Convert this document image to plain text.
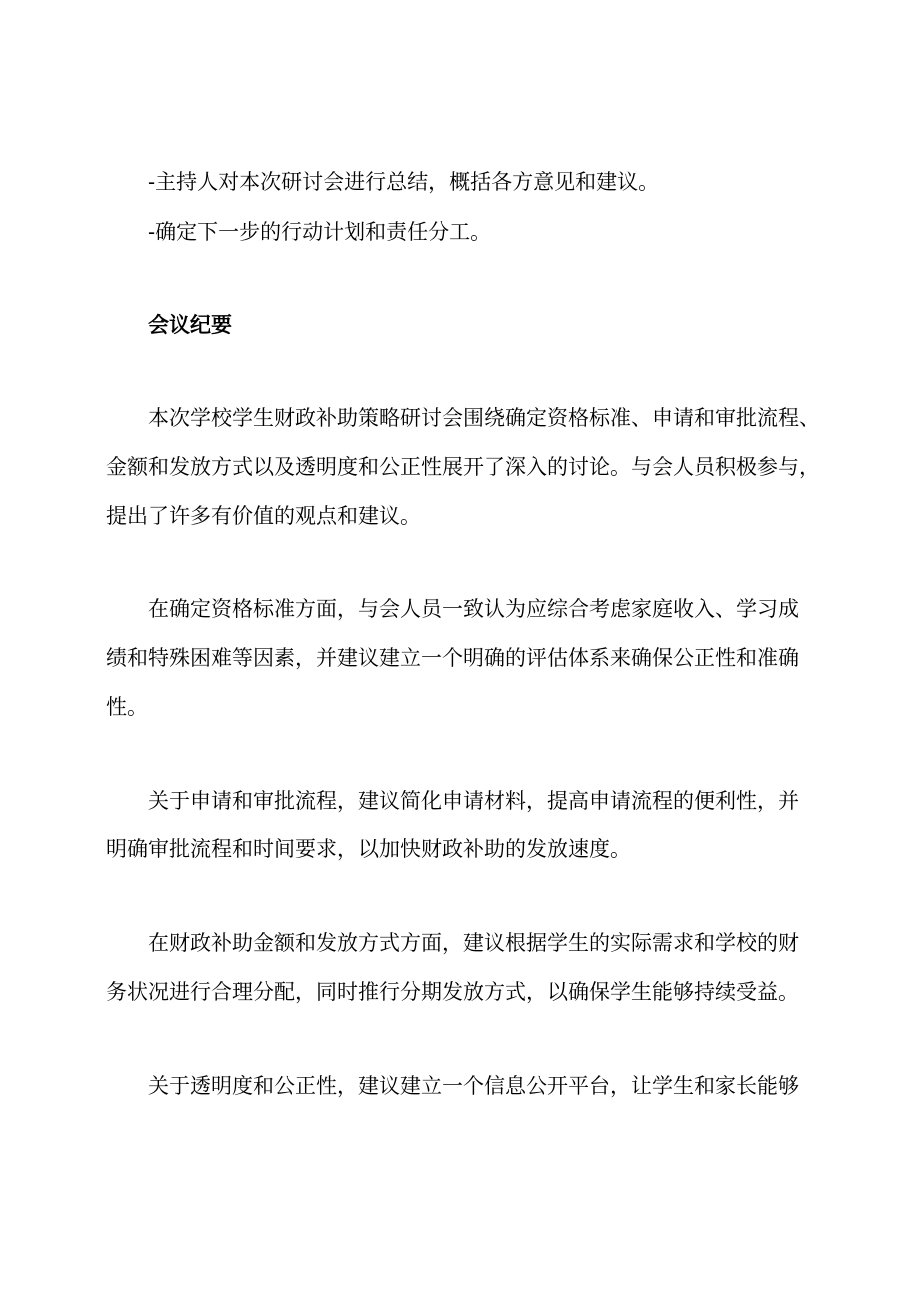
-主持人对本次研讨会进行总结，概括各方意见和建议。

-确定下一步的行动计划和责任分工。

会议纪要

本次学校学生财政补助策略研讨会围绕确定资格标准、申请和审批流程、

金额和发放方式以及透明度和公正性展开了深入的讨论。与会人员积极参与，

提出了许多有价值的观点和建议。

在确定资格标准方面，与会人员一致认为应综合考虑家庭收入、学习成

绩和特殊困难等因素，并建议建立一个明确的评估体系来确保公正性和准确

性。

关于申请和审批流程，建议简化申请材料，提高申请流程的便利性，并

明确审批流程和时间要求，以加快财政补助的发放速度。

在财政补助金额和发放方式方面，建议根据学生的实际需求和学校的财

务状况进行合理分配，同时推行分期发放方式，以确保学生能够持续受益。

关于透明度和公正性，建议建立一个信息公开平台，让学生和家长能够
